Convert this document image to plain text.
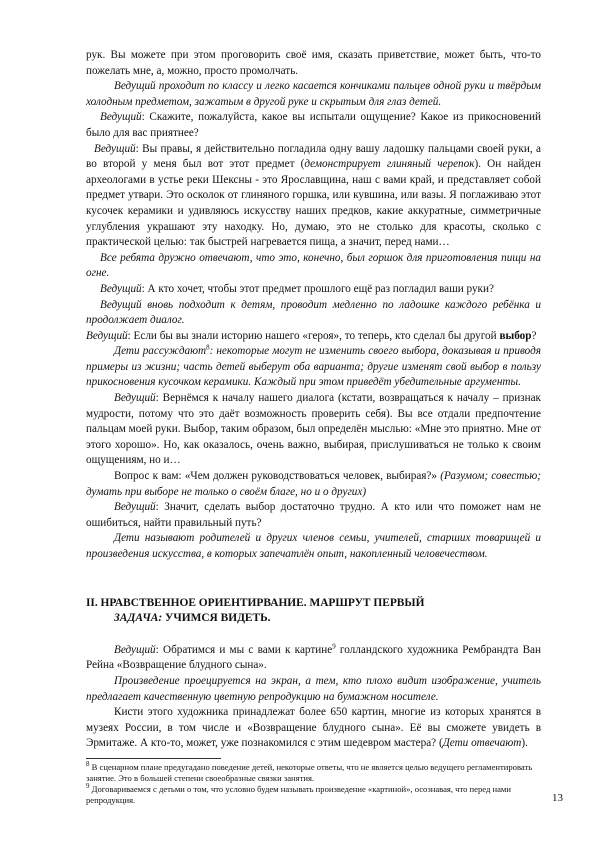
рук. Вы можете при этом проговорить своё имя, сказать приветствие, может быть, что-то пожелать мне, а, можно, просто промолчать.

Ведущий проходит по классу и легко касается кончиками пальцев одной руки и твёрдым холодным предметом, зажатым в другой руке и скрытым для глаз детей.

Ведущий: Скажите, пожалуйста, какое вы испытали ощущение? Какое из прикосновений было для вас приятнее?

Ведущий: Вы правы, я действительно погладила одну вашу ладошку пальцами своей руки, а во второй у меня был вот этот предмет (демонстрирует глиняный черепок). Он найден археологами в устье реки Шексны - это Ярославщина, наш с вами край, и представляет собой предмет утвари. Это осколок от глиняного горшка, или кувшина, или вазы. Я поглаживаю этот кусочек керамики и удивляюсь искусству наших предков, какие аккуратные, симметричные углубления украшают эту находку. Но, думаю, это не столько для красоты, сколько с практической целью: так быстрей нагревается пища, а значит, перед нами…

Все ребята дружно отвечают, что это, конечно, был горшок для приготовления пищи на огне.

Ведущий: А кто хочет, чтобы этот предмет прошлого ещё раз погладил ваши руки?

Ведущий вновь подходит к детям, проводит медленно по ладошке каждого ребёнка и продолжает диалог.

Ведущий: Если бы вы знали историю нашего «героя», то теперь, кто сделал бы другой выбор?

Дети рассуждают$^8$: некоторые могут не изменить своего выбора, доказывая и приводя примеры из жизни; часть детей выберут оба варианта; другие изменят свой выбор в пользу прикосновения кусочком керамики. Каждый при этом приведёт убедительные аргументы.

Ведущий: Вернёмся к началу нашего диалога (кстати, возвращаться к началу – признак мудрости, потому что это даёт возможность проверить себя). Вы все отдали предпочтение пальцам моей руки. Выбор, таким образом, был определён мыслью: «Мне это приятно. Мне от этого хорошо». Но, как оказалось, очень важно, выбирая, прислушиваться не только к своим ощущениям, но и…

Вопрос к вам: «Чем должен руководствоваться человек, выбирая?» (Разумом; совестью; думать при выборе не только о своём благе, но и о других)

Ведущий: Значит, сделать выбор достаточно трудно. А кто или что поможет нам не ошибиться, найти правильный путь?

Дети называют родителей и других членов семьи, учителей, старших товарищей и произведения искусства, в которых запечатлён опыт, накопленный человечеством.

II. НРАВСТВЕННОЕ ОРИЕНТИРВАНИЕ. МАРШРУТ ПЕРВЫЙ
ЗАДАЧА: УЧИМСЯ ВИДЕТЬ.

Ведущий: Обратимся и мы с вами к картине$^9$ голландского художника Рембрандта Ван Рейна «Возвращение блудного сына».

Произведение проецируется на экран, а тем, кто плохо видит изображение, учитель предлагает качественную цветную репродукцию на бумажном носителе.

Кисти этого художника принадлежат более 650 картин, многие из которых хранятся в музеях России, в том числе и «Возвращение блудного сына». Её вы сможете увидеть в Эрмитаже. А кто-то, может, уже познакомился с этим шедевром мастера? (Дети отвечают).

$^8$ В сценарном плане предугадано поведение детей, некоторые ответы, что не является целью ведущего регламентировать занятие. Это в большей степени своеобразные связки занятия.

$^9$ Договариваемся с детьми о том, что условно будем называть произведение «картиной», осознавая, что перед нами репродукция.	13
